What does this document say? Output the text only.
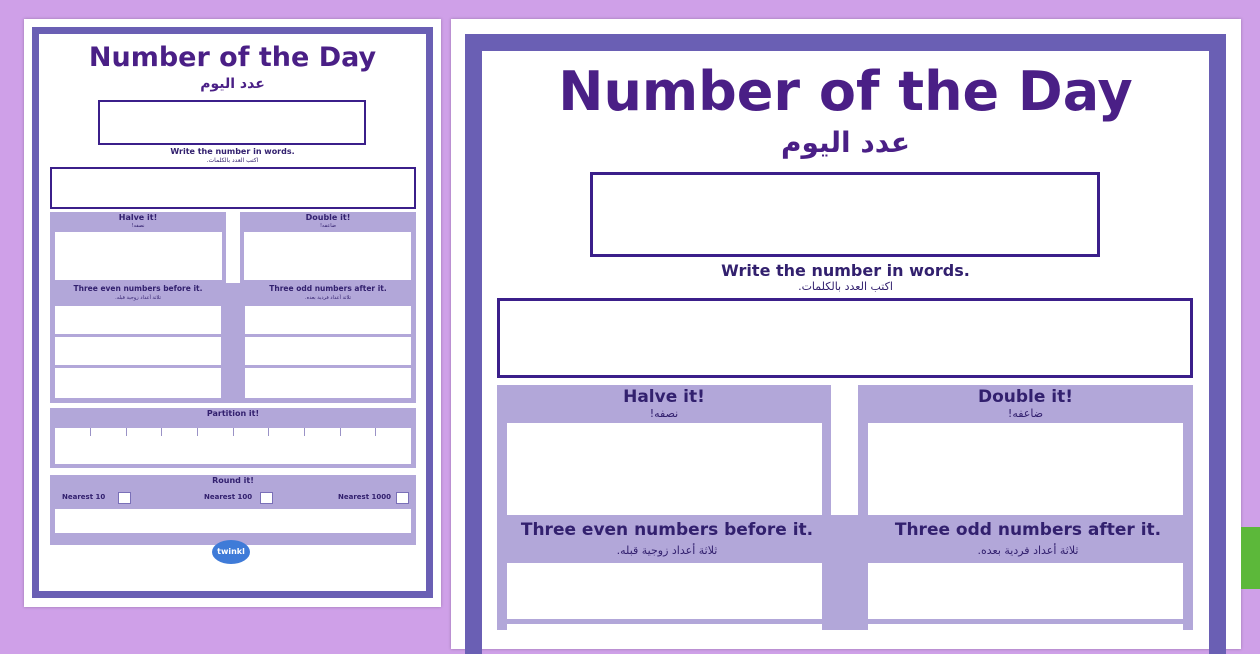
Number of the Day
عدد اليوم
Write the number in words.
اكتب العدد بالكلمات.
Halve it!
نصفه!
Double it!
ضاعفه!
Three even numbers before it.
ثلاثة أعداد زوجية قبله.
Three odd numbers after it.
ثلاثة أعداد فردية بعده.
Partition it!
Round it!
Nearest 10	Nearest 100	Nearest 1000
twinkl
Number of the Day
عدد اليوم
Write the number in words.
اكتب العدد بالكلمات.
Halve it!
نصفه!
Double it!
ضاعفه!
Three even numbers before it.
ثلاثة أعداد زوجية قبله.
Three odd numbers after it.
ثلاثة أعداد فردية بعده.
